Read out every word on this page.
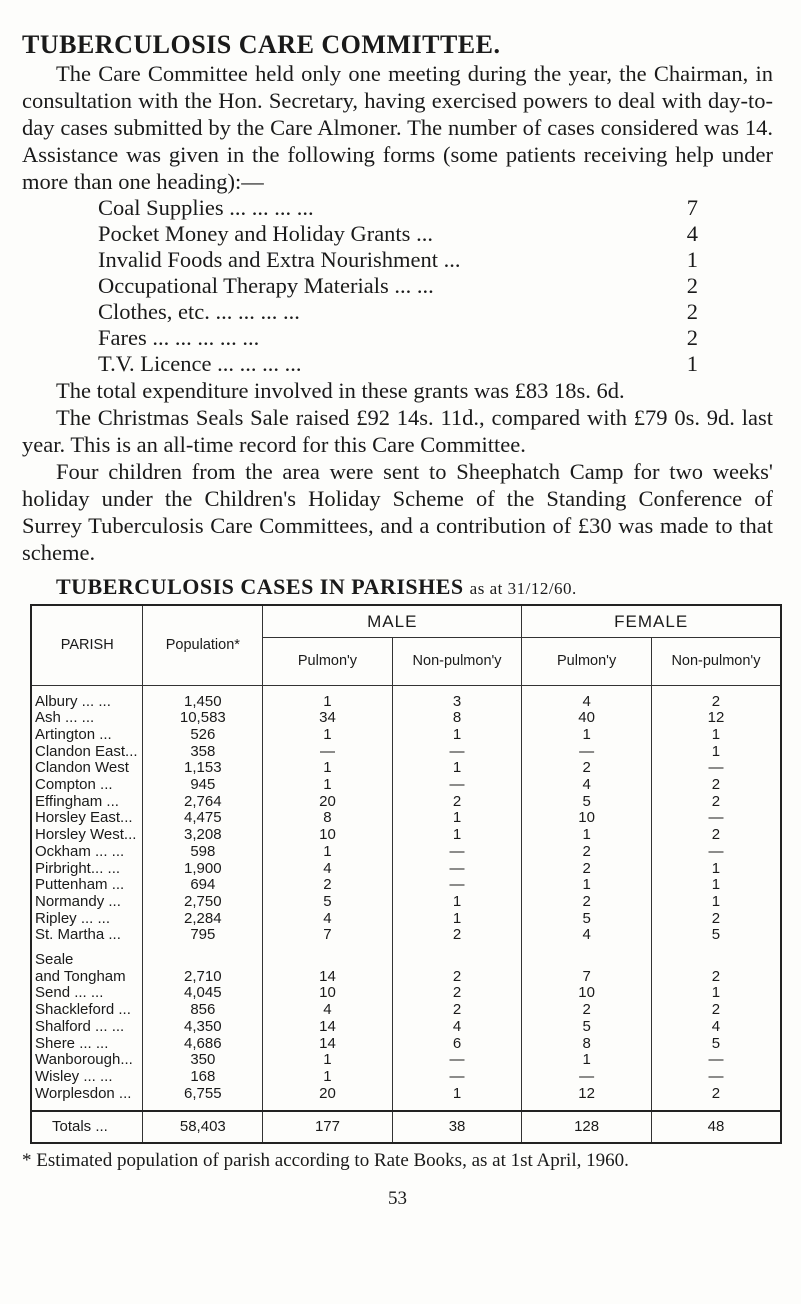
TUBERCULOSIS CARE COMMITTEE.

The Care Committee held only one meeting during the year, the Chairman, in consultation with the Hon. Secretary, having exercised powers to deal with day-to-day cases submitted by the Care Almoner. The number of cases considered was 14. Assistance was given in the following forms (some patients receiving help under more than one heading):—

Coal Supplies ... ... ... ...	7
Pocket Money and Holiday Grants ...	4
Invalid Foods and Extra Nourishment ...	1
Occupational Therapy Materials ... ...	2
Clothes, etc. ... ... ... ...	2
Fares ... ... ... ... ...	2
T.V. Licence ... ... ... ...	1

The total expenditure involved in these grants was £83 18s. 6d.

The Christmas Seals Sale raised £92 14s. 11d., compared with £79 0s. 9d. last year. This is an all-time record for this Care Committee.

Four children from the area were sent to Sheephatch Camp for two weeks' holiday under the Children's Holiday Scheme of the Standing Conference of Surrey Tuberculosis Care Committees, and a contribution of £30 was made to that scheme.

TUBERCULOSIS CASES IN PARISHES as at 31/12/60.
PARISH	Population*	MALE		FEMALE	
		Pulmon'y	Non-pulmon'y	Pulmon'y	Non-pulmon'y

Albury ... ...	1,450	1	3	4	2
Ash ... ...	10,583	34	8	40	12
Artington ...	526	1	1	1	1
Clandon East...	358	—	—	—	1
Clandon West	1,153	1	1	2	—
Compton ...	945	1	—	4	2
Effingham ...	2,764	20	2	5	2
Horsley East...	4,475	8	1	10	—
Horsley West...	3,208	10	1	1	2
Ockham ... ...	598	1	—	2	—
Pirbright... ...	1,900	4	—	2	1
Puttenham ...	694	2	—	1	1
Normandy ...	2,750	5	1	2	1
Ripley ... ...	2,284	4	1	5	2
St. Martha ...	795	7	2	4	5

Seale					
and Tongham	2,710	14	2	7	2
Send ... ...	4,045	10	2	10	1
Shackleford ...	856	4	2	2	2
Shalford ... ...	4,350	14	4	5	4
Shere ... ...	4,686	14	6	8	5
Wanborough...	350	1	—	1	—
Wisley ... ...	168	1	—	—	—
Worplesdon ...	6,755	20	1	12	2

Totals ...	58,403	177	38	128	48

* Estimated population of parish according to Rate Books, as at 1st April, 1960.

53
